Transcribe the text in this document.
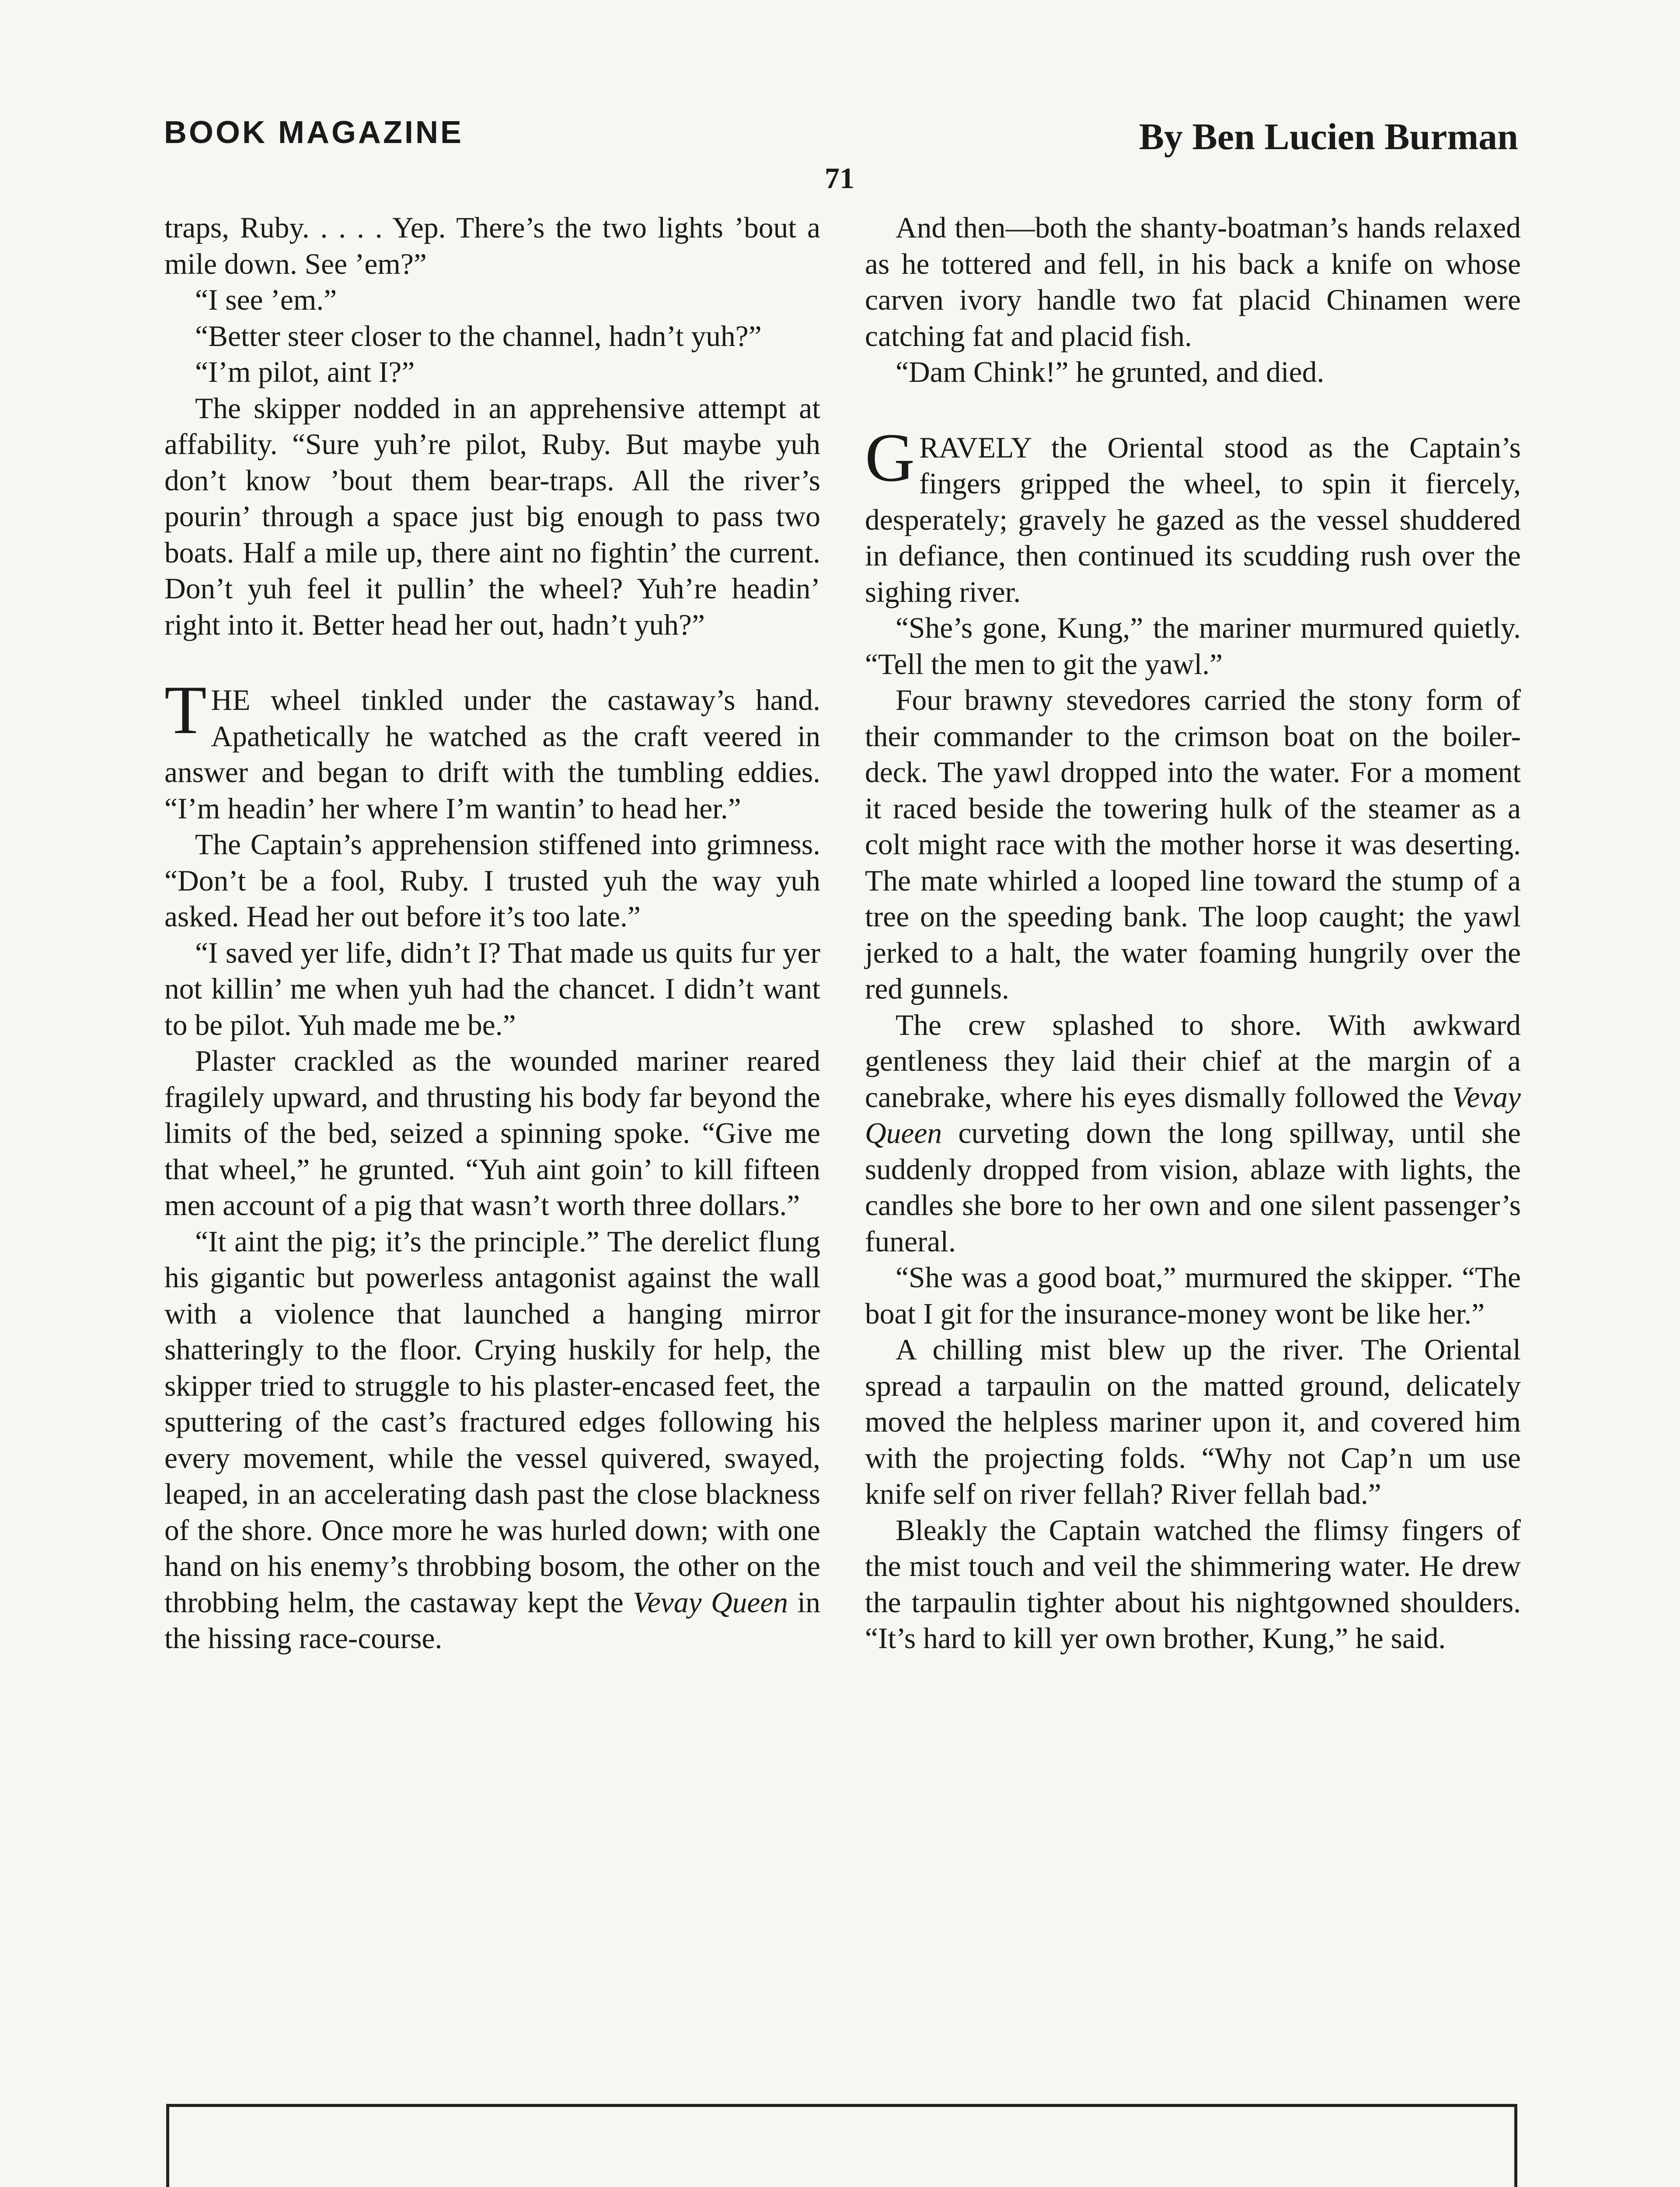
BOOK MAGAZINE	By Ben Lucien Burman
71

traps, Ruby. . . . . Yep. There’s the two lights ’bout a mile down. See ’em?”

“I see ’em.”

“Better steer closer to the channel, hadn’t yuh?”

“I’m pilot, aint I?”

The skipper nodded in an apprehensive attempt at affability. “Sure yuh’re pilot, Ruby. But maybe yuh don’t know ’bout them bear-traps. All the river’s pourin’ through a space just big enough to pass two boats. Half a mile up, there aint no fightin’ the current. Don’t yuh feel it pullin’ the wheel? Yuh’re headin’ right into it. Better head her out, hadn’t yuh?”

THE wheel tinkled under the castaway’s hand. Apathetically he watched as the craft veered in answer and began to drift with the tumbling eddies. “I’m headin’ her where I’m wantin’ to head her.”

The Captain’s apprehension stiffened into grimness. “Don’t be a fool, Ruby. I trusted yuh the way yuh asked. Head her out before it’s too late.”

“I saved yer life, didn’t I? That made us quits fur yer not killin’ me when yuh had the chancet. I didn’t want to be pilot. Yuh made me be.”

Plaster crackled as the wounded mariner reared fragilely upward, and thrusting his body far beyond the limits of the bed, seized a spinning spoke. “Give me that wheel,” he grunted. “Yuh aint goin’ to kill fifteen men account of a pig that wasn’t worth three dollars.”

“It aint the pig; it’s the principle.” The derelict flung his gigantic but powerless antagonist against the wall with a violence that launched a hanging mirror shatteringly to the floor. Crying huskily for help, the skipper tried to struggle to his plaster-encased feet, the sputtering of the cast’s fractured edges following his every movement, while the vessel quivered, swayed, leaped, in an accelerating dash past the close blackness of the shore. Once more he was hurled down; with one hand on his enemy’s throbbing bosom, the other on the throbbing helm, the castaway kept the Vevay Queen in the hissing race-course.

And then—both the shanty-boatman’s hands relaxed as he tottered and fell, in his back a knife on whose carven ivory handle two fat placid Chinamen were catching fat and placid fish.

“Dam Chink!” he grunted, and died.

GRAVELY the Oriental stood as the Captain’s fingers gripped the wheel, to spin it fiercely, desperately; gravely he gazed as the vessel shuddered in defiance, then continued its scudding rush over the sighing river.

“She’s gone, Kung,” the mariner murmured quietly. “Tell the men to git the yawl.”

Four brawny stevedores carried the stony form of their commander to the crimson boat on the boiler-deck. The yawl dropped into the water. For a moment it raced beside the towering hulk of the steamer as a colt might race with the mother horse it was deserting. The mate whirled a looped line toward the stump of a tree on the speeding bank. The loop caught; the yawl jerked to a halt, the water foaming hungrily over the red gunnels.

The crew splashed to shore. With awkward gentleness they laid their chief at the margin of a canebrake, where his eyes dismally followed the Vevay Queen curveting down the long spillway, until she suddenly dropped from vision, ablaze with lights, the candles she bore to her own and one silent passenger’s funeral.

“She was a good boat,” murmured the skipper. “The boat I git for the insurance-money wont be like her.”

A chilling mist blew up the river. The Oriental spread a tarpaulin on the matted ground, delicately moved the helpless mariner upon it, and covered him with the projecting folds. “Why not Cap’n um use knife self on river fellah? River fellah bad.”

Bleakly the Captain watched the flimsy fingers of the mist touch and veil the shimmering water. He drew the tarpaulin tighter about his nightgowned shoulders. “It’s hard to kill yer own brother, Kung,” he said.
